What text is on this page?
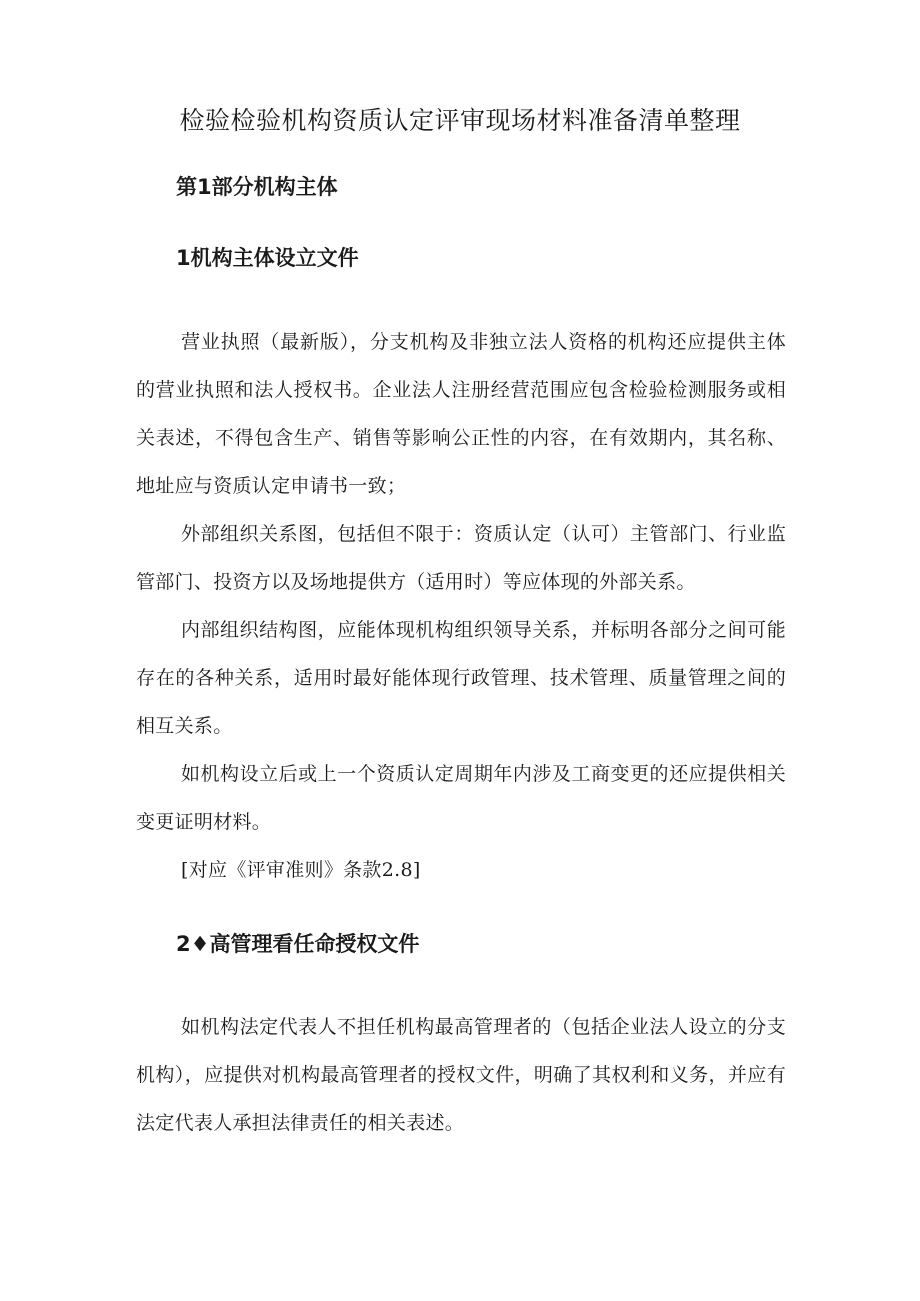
检验检验机构资质认定评审现场材料准备清单整理
第1部分机构主体
1机构主体设立文件

营业执照（最新版），分支机构及非独立法人资格的机构还应提供主体的营业执照和法人授权书。企业法人注册经营范围应包含检验检测服务或相关表述，不得包含生产、销售等影响公正性的内容，在有效期内，其名称、地址应与资质认定申请书一致；

外部组织关系图，包括但不限于：资质认定（认可）主管部门、行业监管部门、投资方以及场地提供方（适用时）等应体现的外部关系。

内部组织结构图，应能体现机构组织领导关系，并标明各部分之间可能存在的各种关系，适用时最好能体现行政管理、技术管理、质量管理之间的相互关系。

如机构设立后或上一个资质认定周期年内涉及工商变更的还应提供相关变更证明材料。

[对应《评审准则》条款2.8]

2♦高管理看任命授权文件

如机构法定代表人不担任机构最高管理者的（包括企业法人设立的分支机构），应提供对机构最高管理者的授权文件，明确了其权利和义务，并应有法定代表人承担法律责任的相关表述。
